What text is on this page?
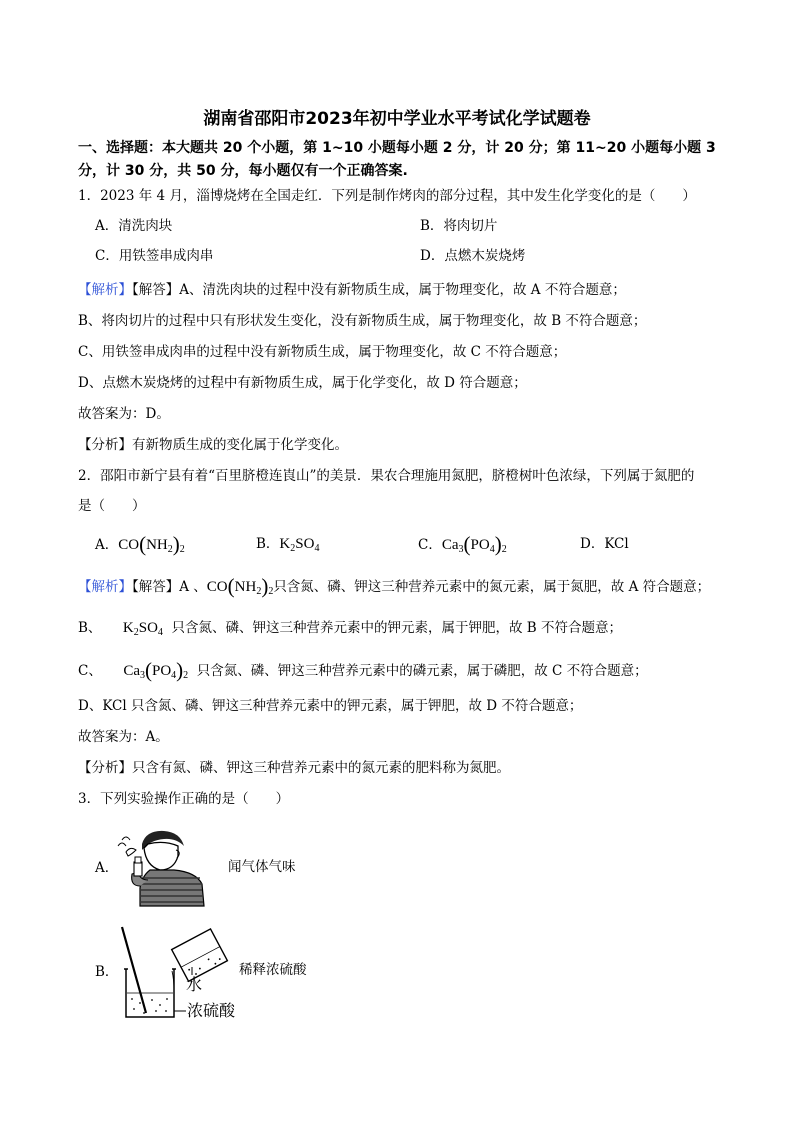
湖南省邵阳市2023年初中学业水平考试化学试题卷
一、选择题：本大题共 20 个小题，第 1~10 小题每小题 2 分，计 20 分；第 11~20 小题每小题 3
分，计 30 分，共 50 分，每小题仅有一个正确答案.
1．2023 年 4 月，淄博烧烤在全国走红．下列是制作烤肉的部分过程，其中发生化学变化的是（　　）
A．清洗肉块	B．将肉切片
C．用铁签串成肉串	D．点燃木炭烧烤
【解析】【解答】A、清洗肉块的过程中没有新物质生成，属于物理变化，故 A 不符合题意；
B、将肉切片的过程中只有形状发生变化，没有新物质生成，属于物理变化，故 B 不符合题意；
C、用铁签串成肉串的过程中没有新物质生成，属于物理变化，故 C 不符合题意；
D、点燃木炭烧烤的过程中有新物质生成，属于化学变化，故 D 符合题意；
故答案为：D。
【分析】有新物质生成的变化属于化学变化。
2．邵阳市新宁县有着“百里脐橙连崀山”的美景．果农合理施用氮肥，脐橙树叶色浓绿，下列属于氮肥的
是（　　）
A．$CO(NH_2)_2$	B．$K_2SO_4$	C．$Ca_3(PO_4)_2$	D．KCl
【解析】【解答】A 、$CO(NH_2)_2$只含氮、磷、钾这三种营养元素中的氮元素，属于氮肥，故 A 符合题意；
B、 $K_2SO_4$ 只含氮、磷、钾这三种营养元素中的钾元素，属于钾肥，故 B 不符合题意；
C、 $Ca_3(PO_4)_2$ 只含氮、磷、钾这三种营养元素中的磷元素，属于磷肥，故 C 不符合题意；
D、KCl 只含氮、磷、钾这三种营养元素中的钾元素，属于钾肥，故 D 不符合题意；
故答案为：A。
【分析】只含有氮、磷、钾这三种营养元素中的氮元素的肥料称为氮肥。
3．下列实验操作正确的是（　　）
A．	闻气体气味
B．	稀释浓硫酸
水
浓硫酸
